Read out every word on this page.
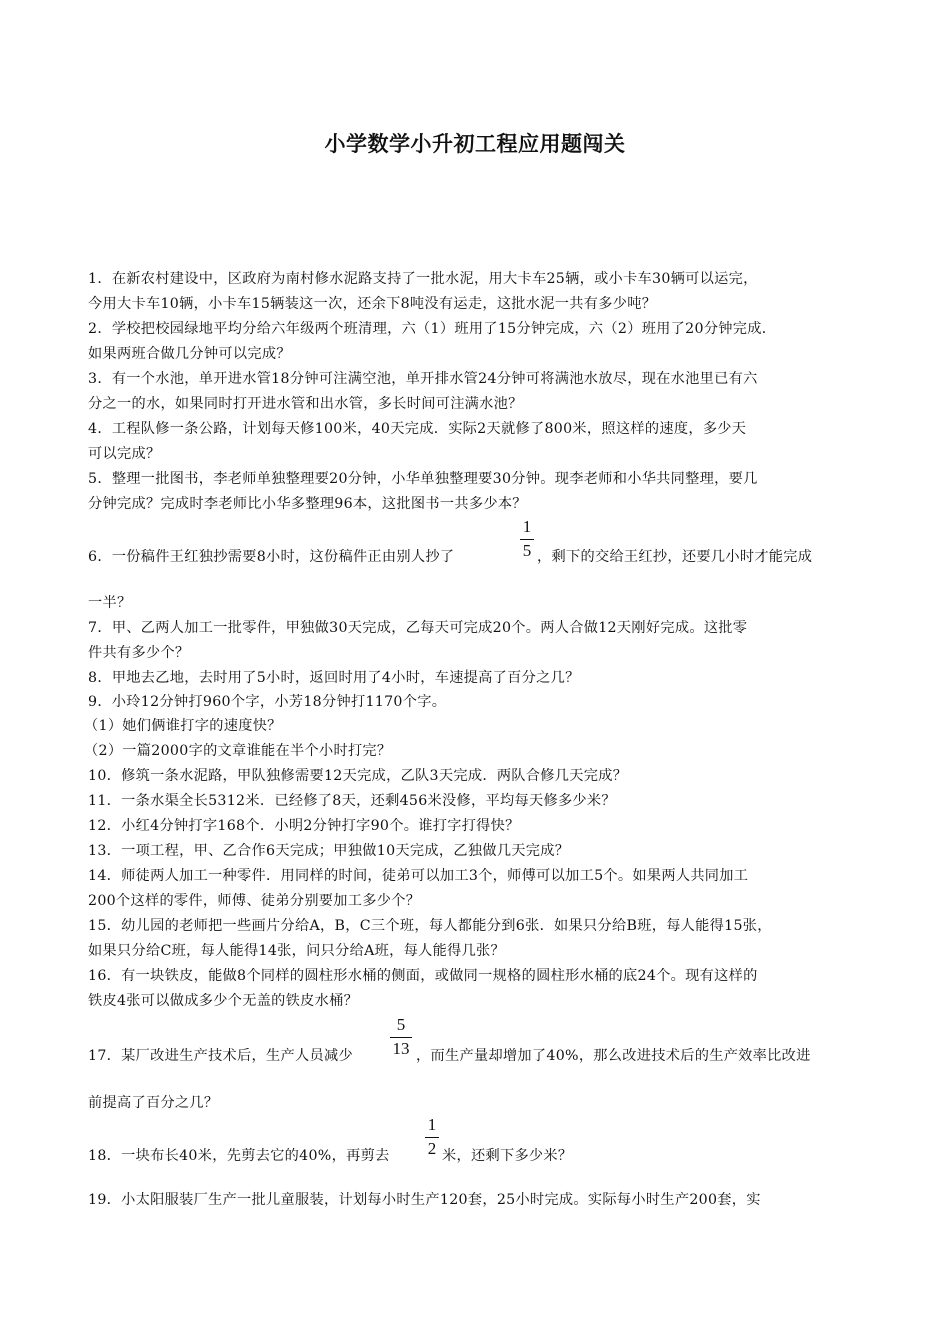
小学数学小升初工程应用题闯关
1．在新农村建设中，区政府为南村修水泥路支持了一批水泥，用大卡车25辆，或小卡车30辆可以运完，
今用大卡车10辆，小卡车15辆装这一次，还余下8吨没有运走，这批水泥一共有多少吨？
2．学校把校园绿地平均分给六年级两个班清理，六（1）班用了15分钟完成，六（2）班用了20分钟完成．
如果两班合做几分钟可以完成？
3．有一个水池，单开进水管18分钟可注满空池，单开排水管24分钟可将满池水放尽，现在水池里已有六
分之一的水，如果同时打开进水管和出水管，多长时间可注满水池？
4．工程队修一条公路，计划每天修100米，40天完成．实际2天就修了800米，照这样的速度，多少天
可以完成？
5．整理一批图书，李老师单独整理要20分钟，小华单独整理要30分钟。现李老师和小华共同整理，要几
分钟完成？完成时李老师比小华多整理96本，这批图书一共多少本？
6．一份稿件王红独抄需要8小时，这份稿件正由别人抄了
1
5 ，剩下的交给王红抄，还要几小时才能完成
一半？
7．甲、乙两人加工一批零件，甲独做30天完成，乙每天可完成20个。两人合做12天刚好完成。这批零
件共有多少个？
8．甲地去乙地，去时用了5小时，返回时用了4小时，车速提高了百分之几？
9．小玲12分钟打960个字，小芳18分钟打1170个字。
（1）她们俩谁打字的速度快？
（2）一篇2000字的文章谁能在半个小时打完？
10．修筑一条水泥路，甲队独修需要12天完成，乙队3天完成．两队合修几天完成？
11．一条水渠全长5312米．已经修了8天，还剩456米没修，平均每天修多少米？
12．小红4分钟打字168个．小明2分钟打字90个。谁打字打得快？
13．一项工程，甲、乙合作6天完成；甲独做10天完成，乙独做几天完成？
14．师徒两人加工一种零件．用同样的时间，徒弟可以加工3个，师傅可以加工5个。如果两人共同加工
200个这样的零件，师傅、徒弟分别要加工多少个？
15．幼儿园的老师把一些画片分给A，B，C三个班，每人都能分到6张．如果只分给B班，每人能得15张，
如果只分给C班，每人能得14张，问只分给A班，每人能得几张？
16．有一块铁皮，能做8个同样的圆柱形水桶的侧面，或做同一规格的圆柱形水桶的底24个。现有这样的
铁皮4张可以做成多少个无盖的铁皮水桶？
17．某厂改进生产技术后，生产人员减少
5
13 ，而生产量却增加了40%，那么改进技术后的生产效率比改进
前提高了百分之几？
18．一块布长40米，先剪去它的40%，再剪去
1
2 米，还剩下多少米？
19．小太阳服装厂生产一批儿童服装，计划每小时生产120套，25小时完成。实际每小时生产200套，实
